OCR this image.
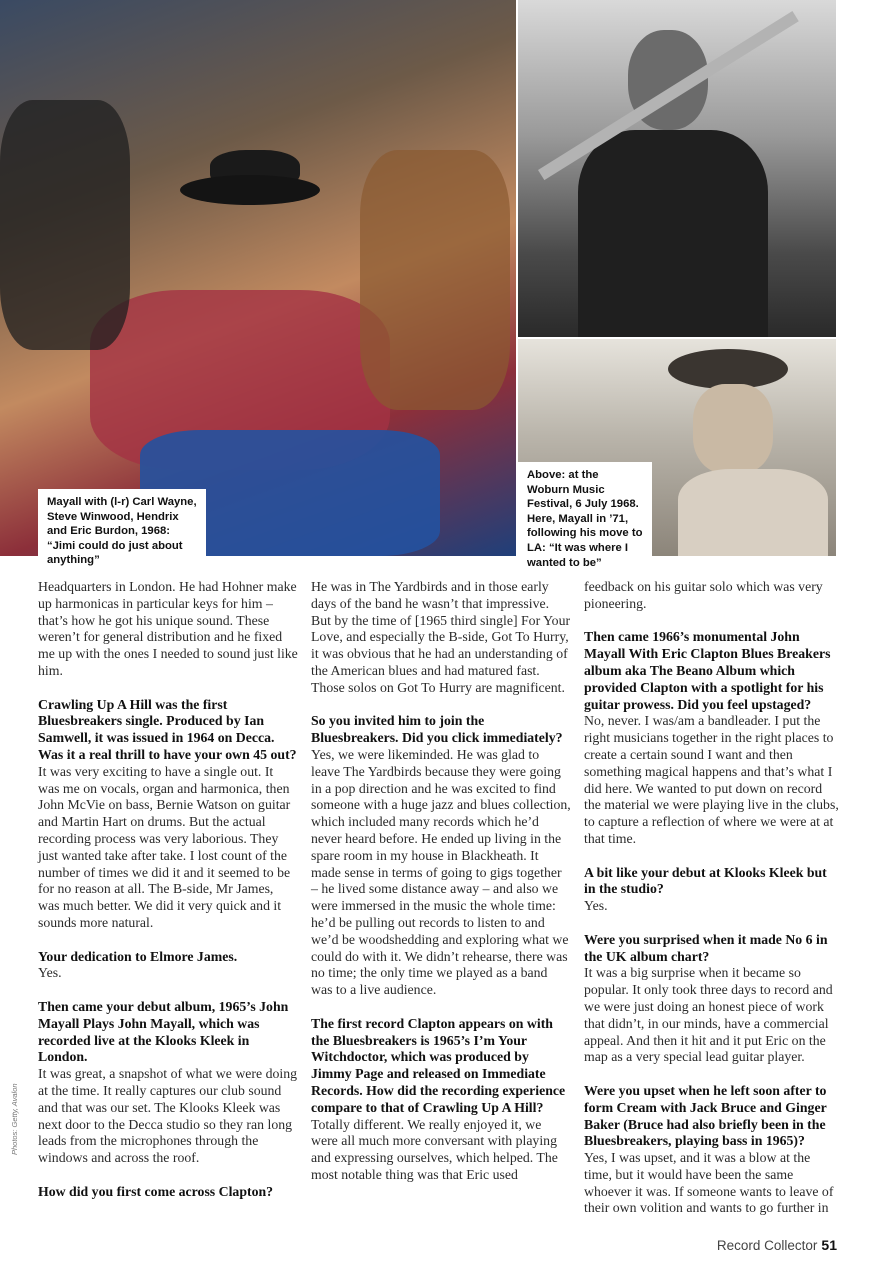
Mayall with (l-r) Carl Wayne, Steve Winwood, Hendrix and Eric Burdon, 1968: “Jimi could do just about anything”
Above: at the Woburn Music Festival, 6 July 1968. Here, Mayall in ’71, following his move to LA: “It was where I wanted to be”
Photos: Getty, Avalon

Headquarters in London. He had Hohner make up harmonicas in particular keys for him – that’s how he got his unique sound. These weren’t for general distribution and he fixed me up with the ones I needed to sound just like him.

Crawling Up A Hill was the first Bluesbreakers single. Produced by Ian Samwell, it was issued in 1964 on Decca. Was it a real thrill to have your own 45 out?
It was very exciting to have a single out. It was me on vocals, organ and harmonica, then John McVie on bass, Bernie Watson on guitar and Martin Hart on drums. But the actual recording process was very laborious. They just wanted take after take. I lost count of the number of times we did it and it seemed to be for no reason at all. The B-side, Mr James, was much better. We did it very quick and it sounds more natural.

Your dedication to Elmore James.
Yes.

Then came your debut album, 1965’s John Mayall Plays John Mayall, which was recorded live at the Klooks Kleek in London.
It was great, a snapshot of what we were doing at the time. It really captures our club sound and that was our set. The Klooks Kleek was next door to the Decca studio so they ran long leads from the microphones through the windows and across the roof.

How did you first come across Clapton?

He was in The Yardbirds and in those early days of the band he wasn’t that impressive. But by the time of [1965 third single] For Your Love, and especially the B-side, Got To Hurry, it was obvious that he had an understanding of the American blues and had matured fast. Those solos on Got To Hurry are magnificent.

So you invited him to join the Bluesbreakers. Did you click immediately?
Yes, we were likeminded. He was glad to leave The Yardbirds because they were going in a pop direction and he was excited to find someone with a huge jazz and blues collection, which included many records which he’d never heard before. He ended up living in the spare room in my house in Blackheath. It made sense in terms of going to gigs together – he lived some distance away – and also we were immersed in the music the whole time: he’d be pulling out records to listen to and we’d be woodshedding and exploring what we could do with it. We didn’t rehearse, there was no time; the only time we played as a band was to a live audience.

The first record Clapton appears on with the Bluesbreakers is 1965’s I’m Your Witchdoctor, which was produced by Jimmy Page and released on Immediate Records. How did the recording experience compare to that of Crawling Up A Hill?
Totally different. We really enjoyed it, we were all much more conversant with playing and expressing ourselves, which helped. The most notable thing was that Eric used

feedback on his guitar solo which was very pioneering.

Then came 1966’s monumental John Mayall With Eric Clapton Blues Breakers album aka The Beano Album which provided Clapton with a spotlight for his guitar prowess. Did you feel upstaged?
No, never. I was/am a bandleader. I put the right musicians together in the right places to create a certain sound I want and then something magical happens and that’s what I did here. We wanted to put down on record the material we were playing live in the clubs, to capture a reflection of where we were at at that time.

A bit like your debut at Klooks Kleek but in the studio?
Yes.

Were you surprised when it made No 6 in the UK album chart?
It was a big surprise when it became so popular. It only took three days to record and we were just doing an honest piece of work that didn’t, in our minds, have a commercial appeal. And then it hit and it put Eric on the map as a very special lead guitar player.

Were you upset when he left soon after to form Cream with Jack Bruce and Ginger Baker (Bruce had also briefly been in the Bluesbreakers, playing bass in 1965)?
Yes, I was upset, and it was a blow at the time, but it would have been the same whoever it was. If someone wants to leave of their own volition and wants to go further in

Record Collector 51
